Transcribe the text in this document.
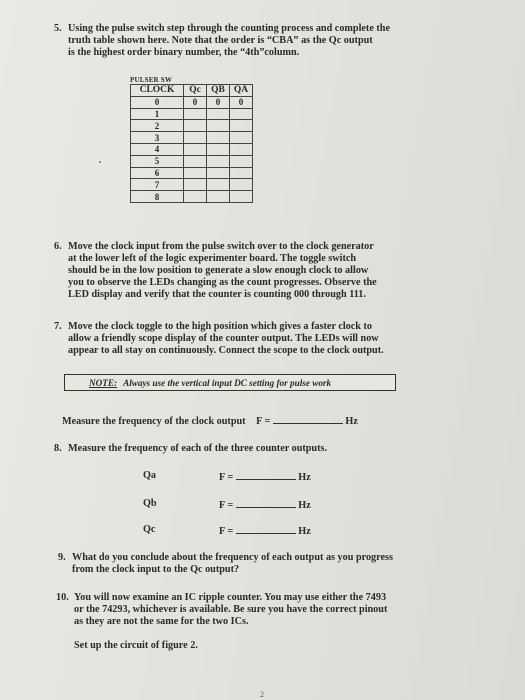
5. Using the pulse switch step through the counting process and complete the
truth table shown here. Note that the order is “CBA” as the Qc output
is the highest order binary number, the “4th”column.
PULSER SW
CLOCK	Qc	QB	QA
0	0	0	0
1			
2			
3			
4			
5			
6			
7			
8			
6. Move the clock input from the pulse switch over to the clock generator
at the lower left of the logic experimenter board. The toggle switch
should be in the low position to generate a slow enough clock to allow
you to observe the LEDs changing as the count progresses. Observe the
LED display and verify that the counter is counting 000 through 111.
7. Move the clock toggle to the high position which gives a faster clock to
allow a friendly scope display of the counter output. The LEDs will now
appear to all stay on continuously. Connect the scope to the clock output.
NOTE: Always use the vertical input DC setting for pulse work
Measure the frequency of the clock output F =	Hz
8. Measure the frequency of each of the three counter outputs.
Qa	F =	Hz
Qb	F =	Hz
Qc	F =	Hz
9. What do you conclude about the frequency of each output as you progress
from the clock input to the Qc output?
10. You will now examine an IC ripple counter. You may use either the 7493
or the 74293, whichever is available. Be sure you have the correct pinout
as they are not the same for the two ICs.
Set up the circuit of figure 2.
2
